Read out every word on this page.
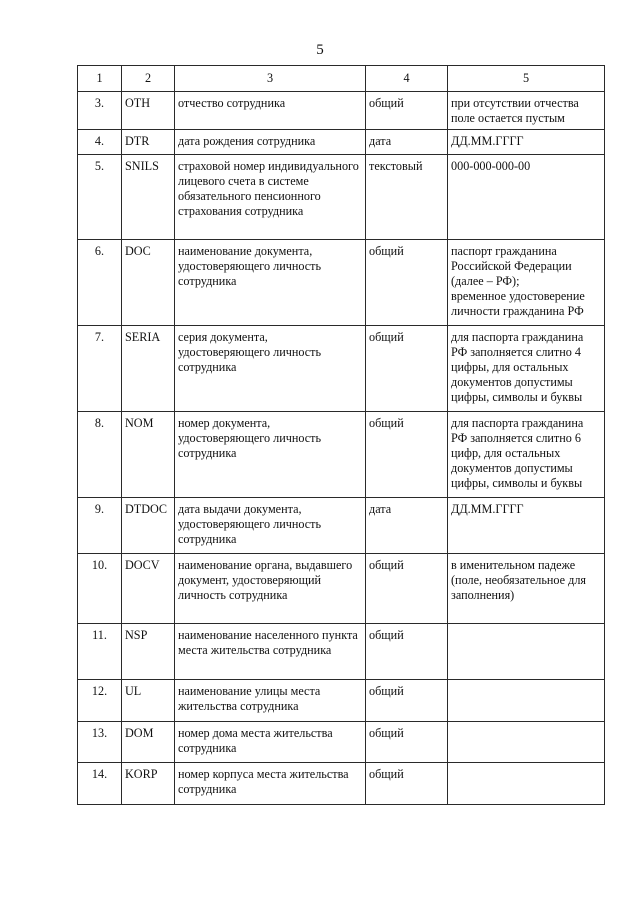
5
1	2	3	4	5
3.	OTH	отчество сотрудника	общий	при отсутствии отчества поле остается пустым
4.	DTR	дата рождения сотрудника	дата	ДД.ММ.ГГГГ
5.	SNILS	страховой номер индивидуального лицевого счета в системе обязательного пенсионного страхования сотрудника	текстовый	000-000-000-00
6.	DOC	наименование документа, удостоверяющего личность сотрудника	общий	паспорт гражданина Российской Федерации (далее – РФ);
временное удостоверение личности гражданина РФ
7.	SERIA	серия документа, удостоверяющего личность сотрудника	общий	для паспорта гражданина РФ заполняется слитно 4 цифры, для остальных документов допустимы цифры, символы и буквы
8.	NOM	номер документа, удостоверяющего личность сотрудника	общий	для паспорта гражданина РФ заполняется слитно 6 цифр, для остальных документов допустимы цифры, символы и буквы
9.	DTDOC	дата выдачи документа, удостоверяющего личность сотрудника	дата	ДД.ММ.ГГГГ
10.	DOCV	наименование органа, выдавшего документ, удостоверяющий личность сотрудника	общий	в именительном падеже (поле, необязательное для заполнения)
11.	NSP	наименование населенного пункта места жительства сотрудника	общий	
12.	UL	наименование улицы места жительства сотрудника	общий	
13.	DOM	номер дома места жительства сотрудника	общий	
14.	KORP	номер корпуса места жительства сотрудника	общий	
